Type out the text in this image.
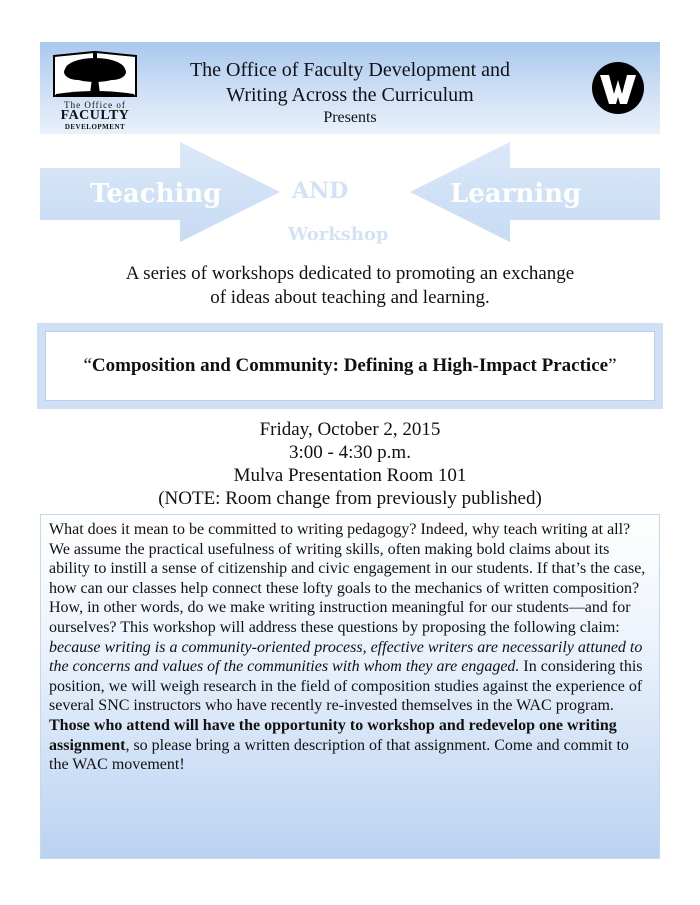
The Office of
FACULTY
DEVELOPMENT
The Office of Faculty Development and
Writing Across the Curriculum
Presents
Teaching	AND	Learning
Workshop
A series of workshops dedicated to promoting an exchange
of ideas about teaching and learning.
“Composition and Community: Defining a High-Impact Practice”
Friday, October 2, 2015
3:00 - 4:30 p.m.
Mulva Presentation Room 101
(NOTE: Room change from previously published)
What does it mean to be committed to writing pedagogy? Indeed, why teach writing at all? We assume the practical usefulness of writing skills, often making bold claims about its ability to instill a sense of citizenship and civic engagement in our students. If that’s the case, how can our classes help connect these lofty goals to the mechanics of written composition? How, in other words, do we make writing instruction meaningful for our students—and for ourselves? This workshop will address these questions by proposing the following claim: because writing is a community-oriented process, effective writers are necessarily attuned to the concerns and values of the communities with whom they are engaged. In considering this position, we will weigh research in the field of composition studies against the experience of several SNC instructors who have recently re-invested themselves in the WAC program. Those who attend will have the opportunity to workshop and redevelop one writing assignment, so please bring a written description of that assignment. Come and commit to the WAC movement!
